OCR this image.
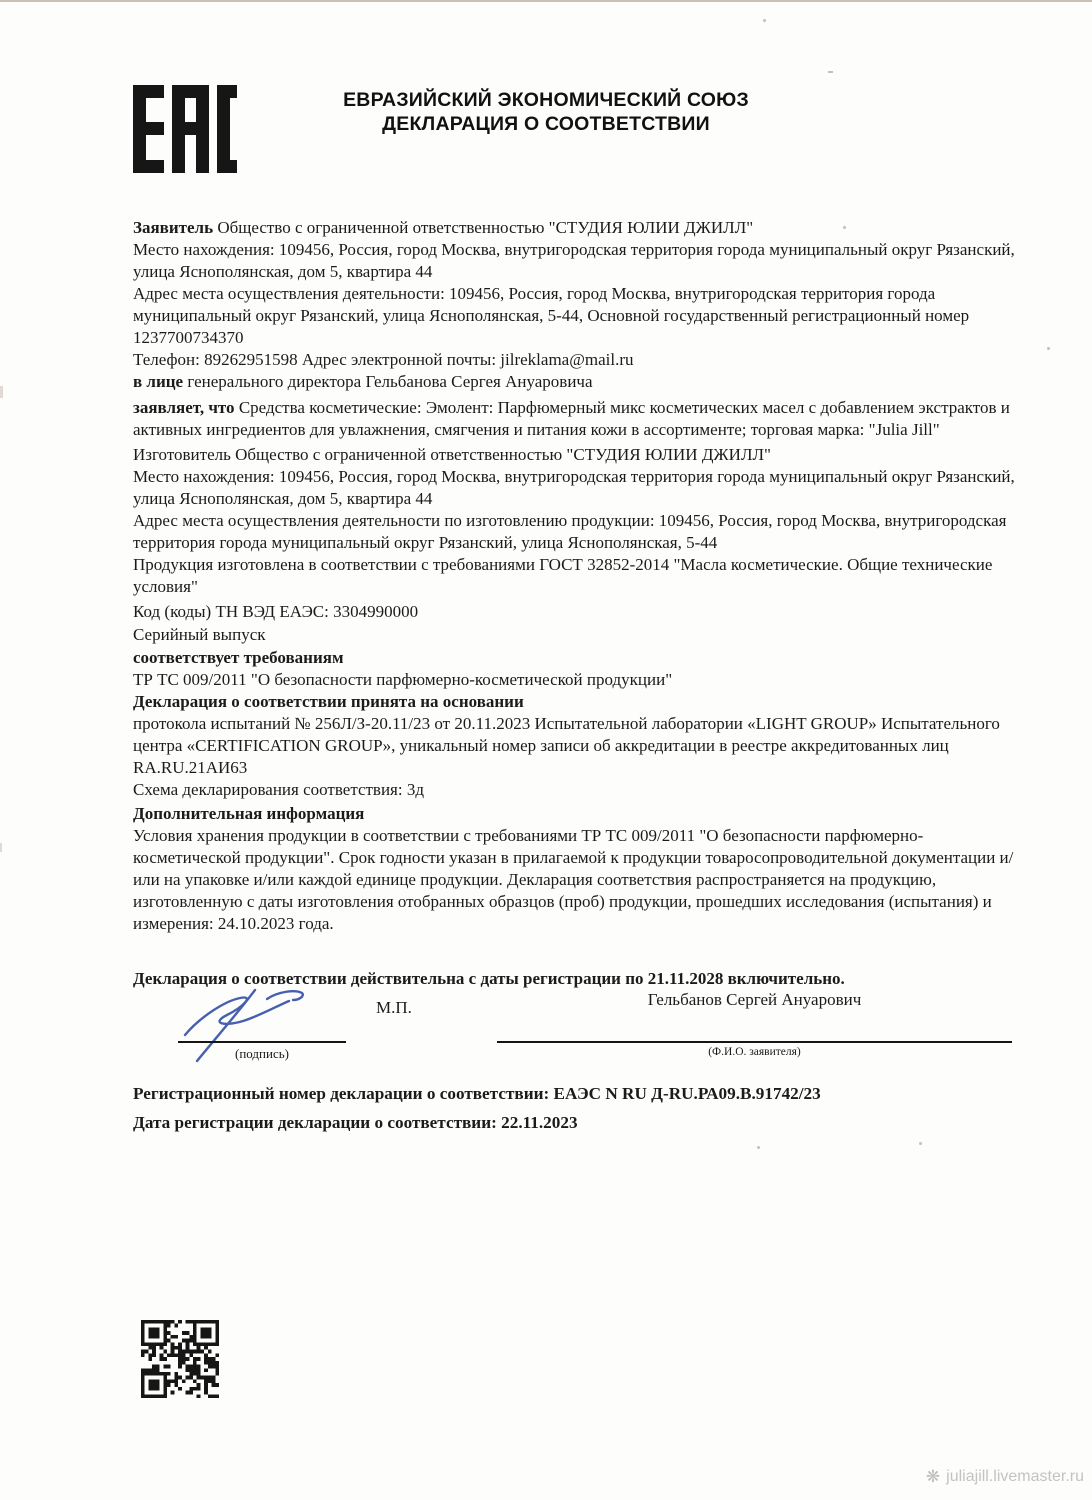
ЕВРАЗИЙСКИЙ ЭКОНОМИЧЕСКИЙ СОЮЗ
ДЕКЛАРАЦИЯ О СООТВЕТСТВИИ

Заявитель Общество с ограниченной ответственностью "СТУДИЯ ЮЛИИ ДЖИЛЛ"

Место нахождения: 109456, Россия, город Москва, внутригородская территория города муниципальный округ Рязанский, улица Яснополянская, дом 5, квартира 44

Адрес места осуществления деятельности: 109456, Россия, город Москва, внутригородская территория города муниципальный округ Рязанский, улица Яснополянская, 5-44, Основной государственный регистрационный номер 1237700734370

Телефон: 89262951598 Адрес электронной почты: jilreklama@mail.ru

в лице генерального директора Гельбанова Сергея Ануаровича

заявляет, что Средства косметические: Эмолент: Парфюмерный микс косметических масел с добавлением экстрактов и активных ингредиентов для увлажнения, смягчения и питания кожи в ассортименте; торговая марка: "Julia Jill"

Изготовитель Общество с ограниченной ответственностью "СТУДИЯ ЮЛИИ ДЖИЛЛ"

Место нахождения: 109456, Россия, город Москва, внутригородская территория города муниципальный округ Рязанский, улица Яснополянская, дом 5, квартира 44

Адрес места осуществления деятельности по изготовлению продукции: 109456, Россия, город Москва, внутригородская территория города муниципальный округ Рязанский, улица Яснополянская, 5-44

Продукция изготовлена в соответствии с требованиями ГОСТ 32852-2014 "Масла косметические. Общие технические условия"

Код (коды) ТН ВЭД ЕАЭС: 3304990000

Серийный выпуск

соответствует требованиям

ТР ТС 009/2011 "О безопасности парфюмерно-косметической продукции"

Декларация о соответствии принята на основании

протокола испытаний № 256Л/З-20.11/23 от 20.11.2023 Испытательной лаборатории «LIGHT GROUP» Испытательного центра «CERTIFICATION GROUP», уникальный номер записи об аккредитации в реестре аккредитованных лиц RA.RU.21АИ63

Схема декларирования соответствия: 3д

Дополнительная информация

Условия хранения продукции в соответствии с требованиями ТР ТС 009/2011 "О безопасности парфюмерно-косметической продукции". Срок годности указан в прилагаемой к продукции товаросопроводительной документации и/или на упаковке и/или каждой единице продукции. Декларация соответствия распространяется на продукцию, изготовленную с даты изготовления отобранных образцов (проб) продукции, прошедших исследования (испытания) и измерения: 24.10.2023 года.

Декларация о соответствии действительна с даты регистрации по 21.11.2028 включительно.

Гельбанов Сергей Ануарович
М.П.
(подпись)	(Ф.И.О. заявителя)

Регистрационный номер декларации о соответствии: ЕАЭС N RU Д-RU.РА09.В.91742/23

Дата регистрации декларации о соответствии: 22.11.2023

❋ juliajill.livemaster.ru
